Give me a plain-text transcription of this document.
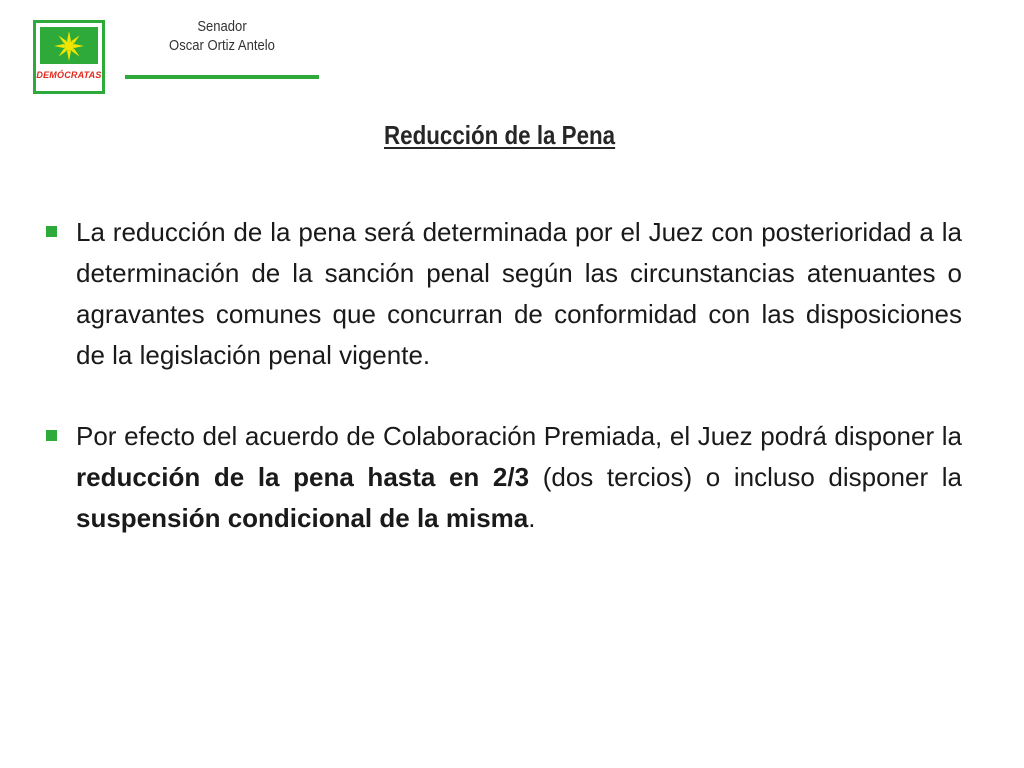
DEMÓCRATAS
Senador
Oscar Ortiz Antelo
Reducción de la Pena
La reducción de la pena será determinada por el Juez con posterioridad a la determinación de la sanción penal según las circunstancias atenuantes o agravantes comunes que concurran de conformidad con las disposiciones de la legislación penal vigente.
Por efecto del acuerdo de Colaboración Premiada, el Juez podrá disponer la reducción de la pena hasta en 2/3 (dos tercios) o incluso disponer la suspensión condicional de la misma.
